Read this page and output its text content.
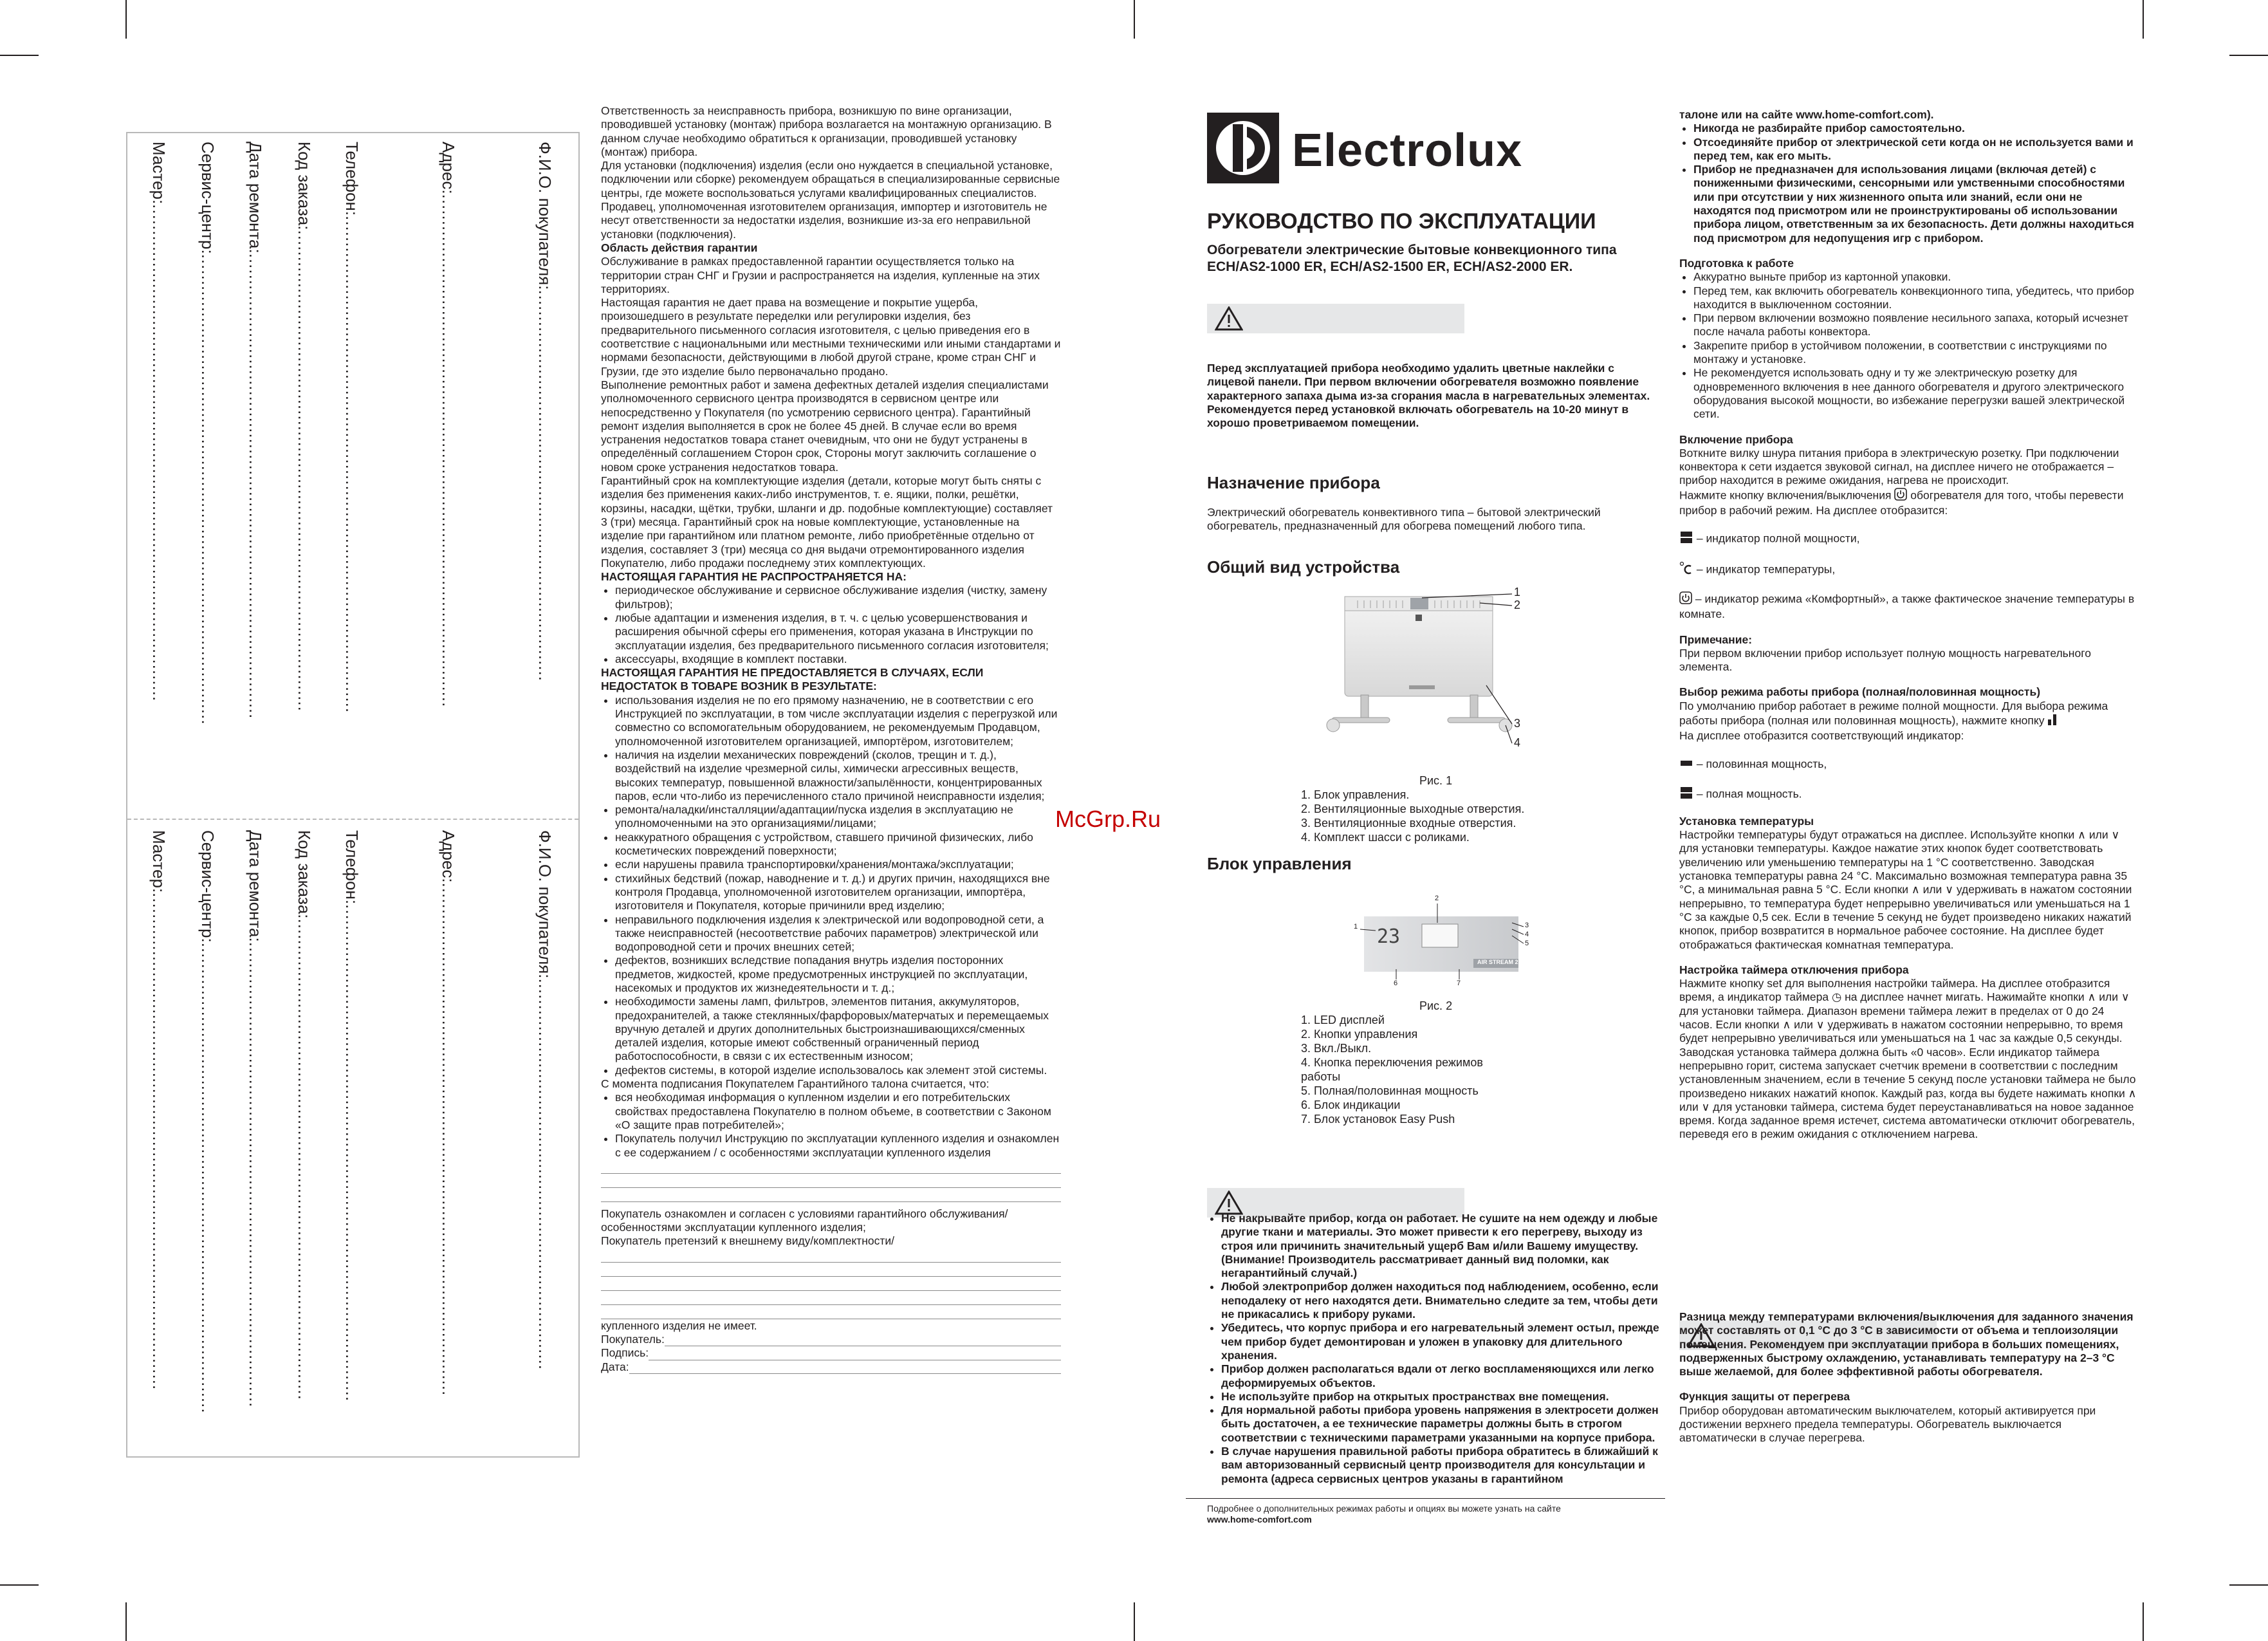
Ф.И.О. покупателя:..........................................................................
Адрес:.................................................................................................
Телефон:..............................................................................................
Код заказа:...........................................................................................
Дата ремонта:........................................................................................
Сервис-центр:.........................................................................................
Мастер:..............................................................................................
Ф.И.О. покупателя:..........................................................................
Адрес:.................................................................................................
Телефон:..............................................................................................
Код заказа:...........................................................................................
Дата ремонта:........................................................................................
Сервис-центр:.........................................................................................
Мастер:..............................................................................................

Ответственность за неисправность прибора, возникшую по вине организации, проводившей установку (монтаж) прибора возлагается на монтажную организацию. В данном случае необходимо обратиться к организации, проводившей установку (монтаж) прибора.

Для установки (подключения) изделия (если оно нуждается в специальной установке, подключении или сборке) рекомендуем обращаться в специализированные сервисные центры, где можете воспользоваться услугами квалифицированных специалистов. Продавец, уполномоченная изготовителем организация, импортер и изготовитель не несут ответственности за недостатки изделия, возникшие из-за его неправильной установки (подключения).

Область действия гарантии

Обслуживание в рамках предоставленной гарантии осуществляется только на территории стран СНГ и Грузии и распространяется на изделия, купленные на этих территориях.

Настоящая гарантия не дает права на возмещение и покрытие ущерба, произошедшего в результате переделки или регулировки изделия, без предварительного письменного согласия изготовителя, с целью приведения его в соответствие с национальными или местными техническими или иными стандартами и нормами безопасности, действующими в любой другой стране, кроме стран СНГ и Грузии, где это изделие было первоначально продано.

Выполнение ремонтных работ и замена дефектных деталей изделия специалистами уполномоченного сервисного центра производятся в сервисном центре или непосредственно у Покупателя (по усмотрению сервисного центра). Гарантийный ремонт изделия выполняется в срок не более 45 дней. В случае если во время устранения недостатков товара станет очевидным, что они не будут устранены в определённый соглашением Сторон срок, Стороны могут заключить соглашение о новом сроке устранения недостатков товара.

Гарантийный срок на комплектующие изделия (детали, которые могут быть сняты с изделия без применения каких-либо инструментов, т. е. ящики, полки, решётки, корзины, насадки, щётки, трубки, шланги и др. подобные комплектующие) составляет 3 (три) месяца. Гарантийный срок на новые комплектующие, установленные на изделие при гарантийном или платном ремонте, либо приобретённые отдельно от изделия, составляет 3 (три) месяца со дня выдачи отремонтированного изделия Покупателю, либо продажи последнему этих комплектующих.

НАСТОЯЩАЯ ГАРАНТИЯ НЕ РАСПРОСТРАНЯЕТСЯ НА:

• периодическое обслуживание и сервисное обслуживание изделия (чистку, замену фильтров);
• любые адаптации и изменения изделия, в т. ч. с целью усовершенствования и расширения обычной сферы его применения, которая указана в Инструкции по эксплуатации изделия, без предварительного письменного согласия изготовителя;
• аксессуары, входящие в комплект поставки.

НАСТОЯЩАЯ ГАРАНТИЯ НЕ ПРЕДОСТАВЛЯЕТСЯ В СЛУЧАЯХ, ЕСЛИ НЕДОСТАТОК В ТОВАРЕ ВОЗНИК В РЕЗУЛЬТАТЕ:

• использования изделия не по его прямому назначению, не в соответствии с его Инструкцией по эксплуатации, в том числе эксплуатации изделия с перегрузкой или совместно со вспомогательным оборудованием, не рекомендуемым Продавцом, уполномоченной изготовителем организацией, импортёром, изготовителем;
• наличия на изделии механических повреждений (сколов, трещин и т. д.), воздействий на изделие чрезмерной силы, химически агрессивных веществ, высоких температур, повышенной влажности/запылённости, концентрированных паров, если что-либо из перечисленного стало причиной неисправности изделия;
• ремонта/наладки/инсталляции/адаптации/пуска изделия в эксплуатацию не уполномоченными на это организациями/лицами;
• неаккуратного обращения с устройством, ставшего причиной физических, либо косметических повреждений поверхности;
• если нарушены правила транспортировки/хранения/монтажа/эксплуатации;
• стихийных бедствий (пожар, наводнение и т. д.) и других причин, находящихся вне контроля Продавца, уполномоченной изготовителем организации, импортёра, изготовителя и Покупателя, которые причинили вред изделию;
• неправильного подключения изделия к электрической или водопроводной сети, а также неисправностей (несоответствие рабочих параметров) электрической или водопроводной сети и прочих внешних сетей;
• дефектов, возникших вследствие попадания внутрь изделия посторонних предметов, жидкостей, кроме предусмотренных инструкцией по эксплуатации, насекомых и продуктов их жизнедеятельности и т. д.;
• необходимости замены ламп, фильтров, элементов питания, аккумуляторов, предохранителей, а также стеклянных/фарфоровых/матерчатых и перемещаемых вручную деталей и других дополнительных быстроизнашивающихся/сменных деталей изделия, которые имеют собственный ограниченный период работоспособности, в связи с их естественным износом;
• дефектов системы, в которой изделие использовалось как элемент этой системы.

С момента подписания Покупателем Гарантийного талона считается, что:

• вся необходимая информация о купленном изделии и его потребительских свойствах предоставлена Покупателю в полном объеме, в соответствии с Законом «О защите прав потребителей»;
• Покупатель получил Инструкцию по эксплуатации купленного изделия и ознакомлен с ее содержанием / с особенностями эксплуатации купленного изделия

Покупатель ознакомлен и согласен с условиями гарантийного обслуживания/особенностями эксплуатации купленного изделия;

Покупатель претензий к внешнему виду/комплектности/

купленного изделия не имеет.

Покупатель:
Подпись:
Дата:
McGrp.Ru
Electrolux

РУКОВОДСТВО ПО ЭКСПЛУАТАЦИИ

Обогреватели электрические бытовые конвекционного типа ECH/AS2-1000 ER, ECH/AS2-1500 ER, ECH/AS2-2000 ER.

Перед эксплуатацией прибора необходимо удалить цветные наклейки с лицевой панели. При первом включении обогревателя возможно появление характерного запаха дыма из-за сгорания масла в нагревательных элементах. Рекомендуется перед установкой включать обогреватель на 10-20 минут в хорошо проветриваемом помещении.

Назначение прибора

Электрический обогреватель конвективного типа – бытовой электрический обогреватель, предназначенный для обогрева помещений любого типа.

Общий вид устройства

1
2
3
4
Рис. 1
1. Блок управления.
2. Вентиляционные выходные отверстия.
3. Вентиляционные входные отверстия.
4. Комплект шасси с роликами.

Блок управления

23
AIR STREAM 2
1
2
3
4
5
6	7
Рис. 2
1. LED дисплей
2. Кнопки управления
3. Вкл./Выкл.
4. Кнопка переключения режимов работы
5. Полная/половинная мощность
6. Блок индикации
7. Блок установок Easy Push
• Не накрывайте прибор, когда он работает. Не сушите на нем одежду и любые другие ткани и материалы. Это может привести к его перегреву, выходу из строя или причинить значительный ущерб Вам и/или Вашему имуществу. (Внимание! Производитель рассматривает данный вид поломки, как негарантийный случай.)
• Любой электроприбор должен находиться под наблюдением, особенно, если неподалеку от него находятся дети. Внимательно следите за тем, чтобы дети не прикасались к прибору руками.
• Убедитесь, что корпус прибора и его нагревательный элемент остыл, прежде чем прибор будет демонтирован и уложен в упаковку для длительного хранения.
• Прибор должен располагаться вдали от легко воспламеняющихся или легко деформируемых объектов.
• Не используйте прибор на открытых пространствах вне помещения.
• Для нормальной работы прибора уровень напряжения в электросети должен быть достаточен, а ее технические параметры должны быть в строгом соответствии с техническими параметрами указанными на корпусе прибора.
• В случае нарушения правильной работы прибора обратитесь в ближайший к вам авторизованный сервисный центр производителя для консультации и ремонта (адреса сервисных центров указаны в гарантийном
Подробнее о дополнительных режимах работы и опциях вы можете узнать на сайте
www.home-comfort.com

талоне или на сайте www.home-comfort.com).

• Никогда не разбирайте прибор самостоятельно.
• Отсоединяйте прибор от электрической сети когда он не используется вами и перед тем, как его мыть.
• Прибор не предназначен для использования лицами (включая детей) с пониженными физическими, сенсорными или умственными способностями или при отсутствии у них жизненного опыта или знаний, если они не находятся под присмотром или не проинструктированы об использовании прибора лицом, ответственным за их безопасность. Дети должны находиться под присмотром для недопущения игр с прибором.

Подготовка к работе

• Аккуратно выньте прибор из картонной упаковки.
• Перед тем, как включить обогреватель конвекционного типа, убедитесь, что прибор находится в выключенном состоянии.
• При первом включении возможно появление несильного запаха, который исчезнет после начала работы конвектора.
• Закрепите прибор в устойчивом положении, в соответствии с инструкциями по монтажу и установке.
• Не рекомендуется использовать одну и ту же электрическую розетку для одновременного включения в нее данного обогревателя и другого электрического оборудования высокой мощности, во избежание перегрузки вашей электрической сети.

Включение прибора

Воткните вилку шнура питания прибора в электрическую розетку. При подключении конвектора к сети издается звуковой сигнал, на дисплее ничего не отображается – прибор находится в режиме ожидания, нагрева не происходит.

Нажмите кнопку включения/выключения обогревателя для того, чтобы перевести прибор в рабочий режим. На дисплее отобразится:

– индикатор полной мощности,

– индикатор температуры,

– индикатор режима «Комфортный», а также фактическое значение температуры в комнате.

Примечание:

При первом включении прибор использует полную мощность нагревательного элемента.

Выбор режима работы прибора (полная/половинная мощность)

По умолчанию прибор работает в режиме полной мощности. Для выбора режима работы прибора (полная или половинная мощность), нажмите кнопку

На дисплее отобразится соответствующий индикатор:

– половинная мощность,

– полная мощность.

Установка температуры

Настройки температуры будут отражаться на дисплее. Используйте кнопки ∧ или ∨ для установки температуры. Каждое нажатие этих кнопок будет соответствовать увеличению или уменьшению температуры на 1 °С соответственно. Заводская установка температуры равна 24 °С. Максимально возможная температура равна 35 °С, а минимальная равна 5 °С. Если кнопки ∧ или ∨ удерживать в нажатом состоянии непрерывно, то температура будет непрерывно увеличиваться или уменьшаться на 1 °С за каждые 0,5 сек. Если в течение 5 секунд не будет произведено никаких нажатий кнопок, прибор возвратится в нормальное рабочее состояние. На дисплее будет отображаться фактическая комнатная температура.

Настройка таймера отключения прибора

Нажмите кнопку set для выполнения настройки таймера. На дисплее отобразится время, а индикатор таймера ◷ на дисплее начнет мигать. Нажимайте кнопки ∧ или ∨ для установки таймера. Диапазон времени таймера лежит в пределах от 0 до 24 часов. Если кнопки ∧ или ∨ удерживать в нажатом состоянии непрерывно, то время будет непрерывно увеличиваться или уменьшаться на 1 час за каждые 0,5 секунды. Заводская установка таймера должна быть «0 часов». Если индикатор таймера непрерывно горит, система запускает счетчик времени в соответствии с последним установленным значением, если в течение 5 секунд после установки таймера не было произведено никаких нажатий кнопок. Каждый раз, когда вы будете нажимать кнопки ∧ или ∨ для установки таймера, система будет переустанавливаться на новое заданное время. Когда заданное время истечет, система автоматически отключит обогреватель, переведя его в режим ожидания с отключением нагрева.

Разница между температурами включения/выключения для заданного значения может составлять от 0,1 °С до 3 °С в зависимости от объема и теплоизоляции помещения. Рекомендуем при эксплуатации прибора в больших помещениях, подверженных быстрому охлаждению, устанавливать температуру на 2–3 °С выше желаемой, для более эффективной работы обогревателя.

Функция защиты от перегрева

Прибор оборудован автоматическим выключателем, который активируется при достижении верхнего предела температуры. Обогреватель выключается автоматически в случае перегрева.
